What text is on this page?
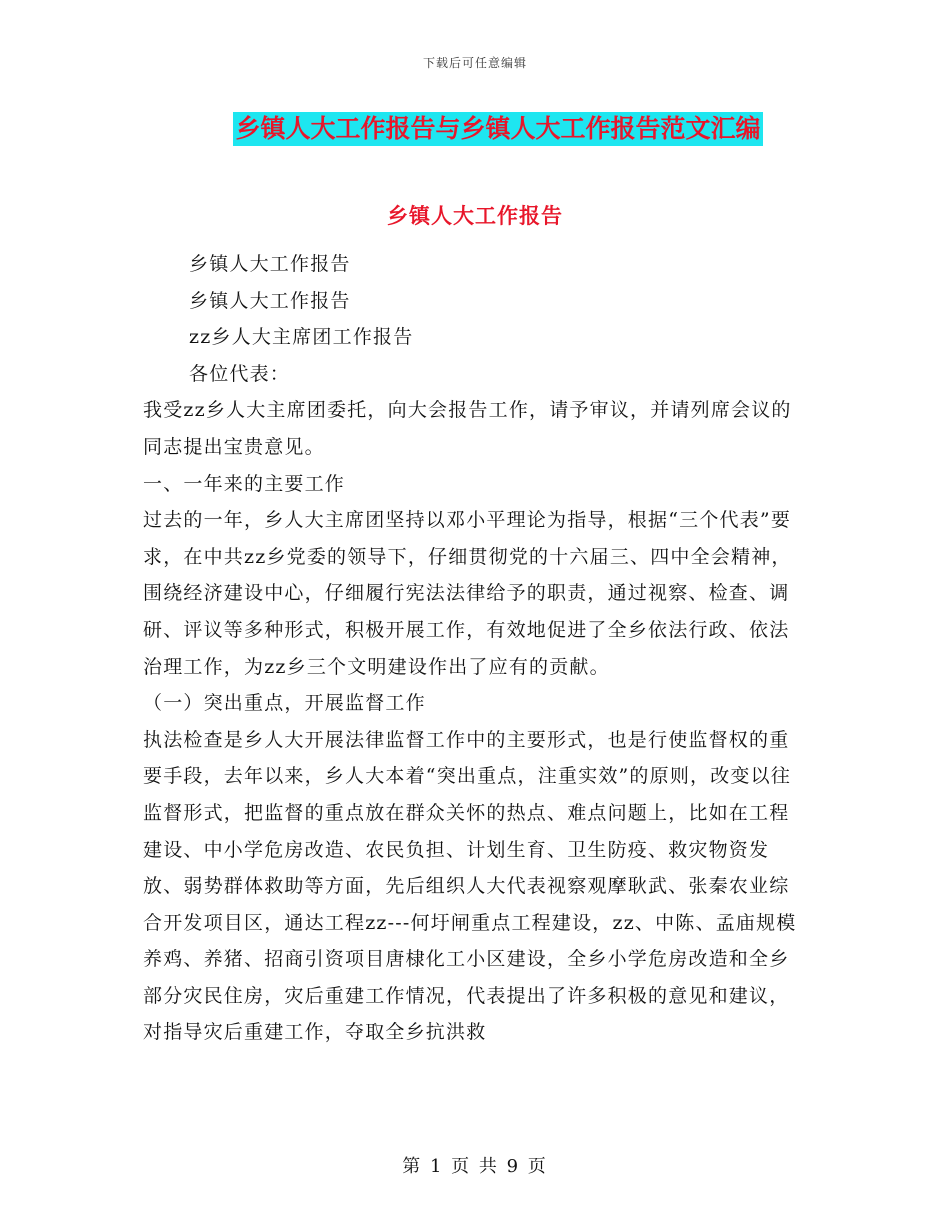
下载后可任意编辑
乡镇人大工作报告与乡镇人大工作报告范文汇编
乡镇人大工作报告

乡镇人大工作报告

乡镇人大工作报告

zz乡人大主席团工作报告

各位代表：

我受zz乡人大主席团委托，向大会报告工作，请予审议，并请列席会议的同志提出宝贵意见。

一、一年来的主要工作

过去的一年，乡人大主席团坚持以邓小平理论为指导，根据“三个代表”要求，在中共zz乡党委的领导下，仔细贯彻党的十六届三、四中全会精神，围绕经济建设中心，仔细履行宪法法律给予的职责，通过视察、检查、调研、评议等多种形式，积极开展工作，有效地促进了全乡依法行政、依法治理工作，为zz乡三个文明建设作出了应有的贡献。

（一）突出重点，开展监督工作

执法检查是乡人大开展法律监督工作中的主要形式，也是行使监督权的重要手段，去年以来，乡人大本着“突出重点，注重实效”的原则，改变以往监督形式，把监督的重点放在群众关怀的热点、难点问题上，比如在工程建设、中小学危房改造、农民负担、计划生育、卫生防疫、救灾物资发放、弱势群体救助等方面，先后组织人大代表视察观摩耿武、张秦农业综合开发项目区，通达工程zz---何圩闸重点工程建设，zz、中陈、孟庙规模养鸡、养猪、招商引资项目唐棣化工小区建设，全乡小学危房改造和全乡部分灾民住房，灾后重建工作情况，代表提出了许多积极的意见和建议，对指导灾后重建工作，夺取全乡抗洪救

第 1 页 共 9 页
